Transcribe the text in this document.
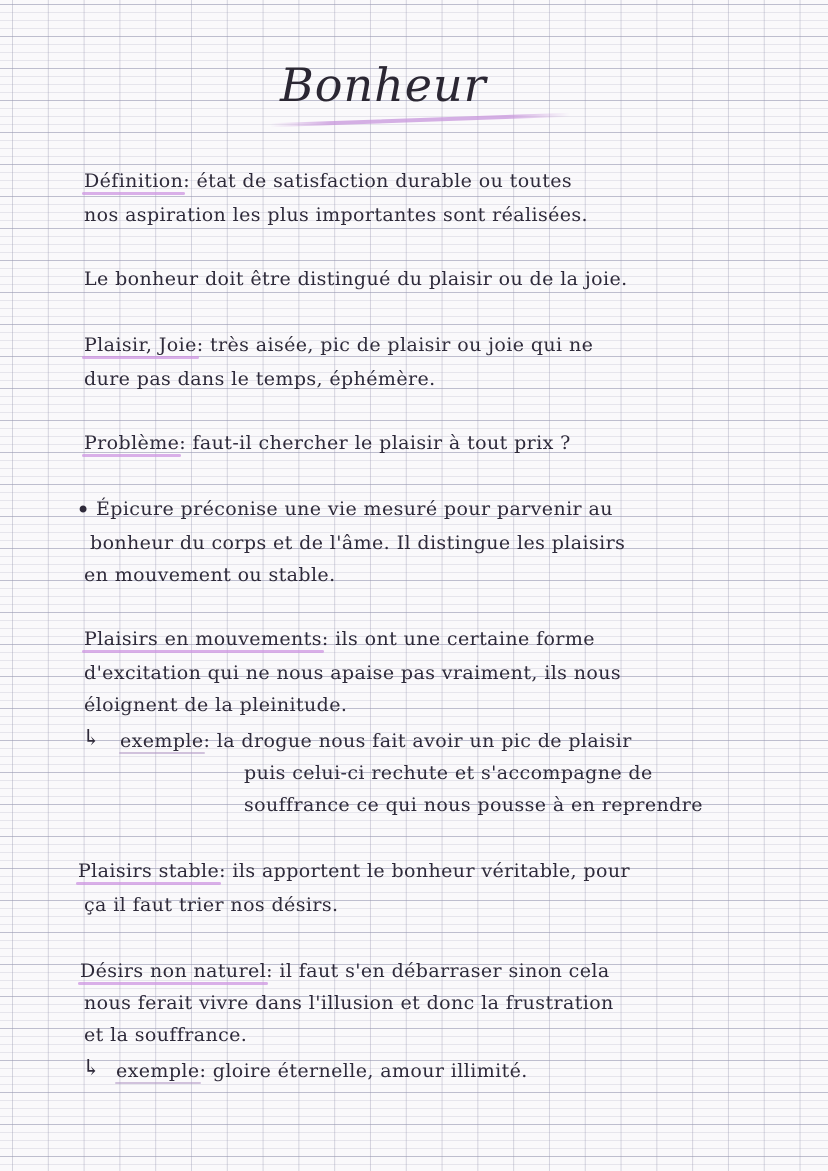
Bonheur
Définition: état de satisfaction durable ou toutes
nos aspiration les plus importantes sont réalisées.
Le bonheur doit être distingué du plaisir ou de la joie.
Plaisir, Joie: très aisée, pic de plaisir ou joie qui ne
dure pas dans le temps, éphémère.
Problème: faut-il chercher le plaisir à tout prix ?
• Épicure préconise une vie mesuré pour parvenir au
bonheur du corps et de l'âme. Il distingue les plaisirs
en mouvement ou stable.
Plaisirs en mouvements: ils ont une certaine forme
d'excitation qui ne nous apaise pas vraiment, ils nous
éloignent de la pleinitude.
↳ exemple: la drogue nous fait avoir un pic de plaisir
puis celui-ci rechute et s'accompagne de
souffrance ce qui nous pousse à en reprendre
Plaisirs stable: ils apportent le bonheur véritable, pour
ça il faut trier nos désirs.
Désirs non naturel: il faut s'en débarraser sinon cela
nous ferait vivre dans l'illusion et donc la frustration
et la souffrance.
↳ exemple: gloire éternelle, amour illimité.
